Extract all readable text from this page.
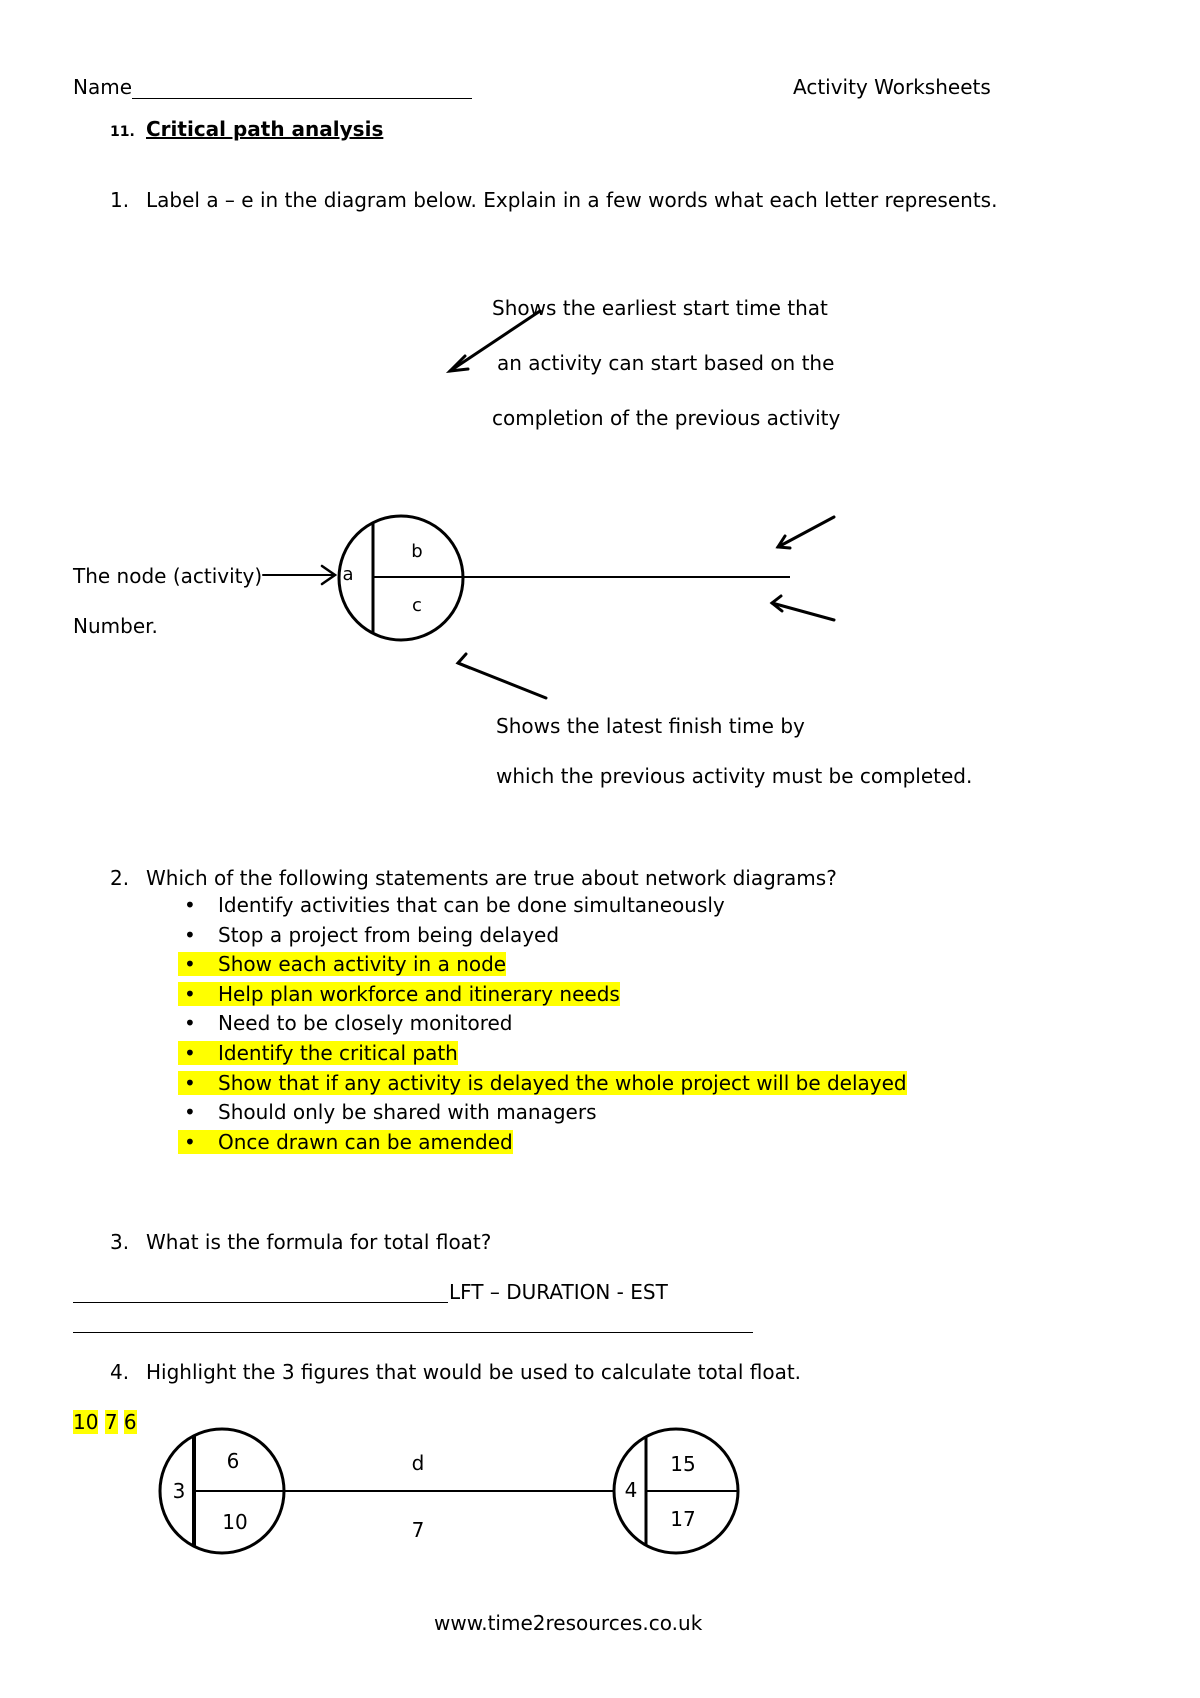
Name	Activity Worksheets
11. Critical path analysis
1. Label a – e in the diagram below. Explain in a few words what each letter represents.
Shows the earliest start time that
an activity can start based on the
completion of the previous activity
The node (activity)
Number.
Shows the latest finish time by
which the previous activity must be completed.
a
b
c
3
6
10
d
7
4
15
17
2. Which of the following statements are true about network diagrams?
• Identify activities that can be done simultaneously
• Stop a project from being delayed
• Show each activity in a node
• Help plan workforce and itinerary needs
• Need to be closely monitored
• Identify the critical path
• Show that if any activity is delayed the whole project will be delayed
• Should only be shared with managers
• Once drawn can be amended
3. What is the formula for total float?
LFT – DURATION - EST
4. Highlight the 3 figures that would be used to calculate total float.
10 7 6
www.time2resources.co.uk
